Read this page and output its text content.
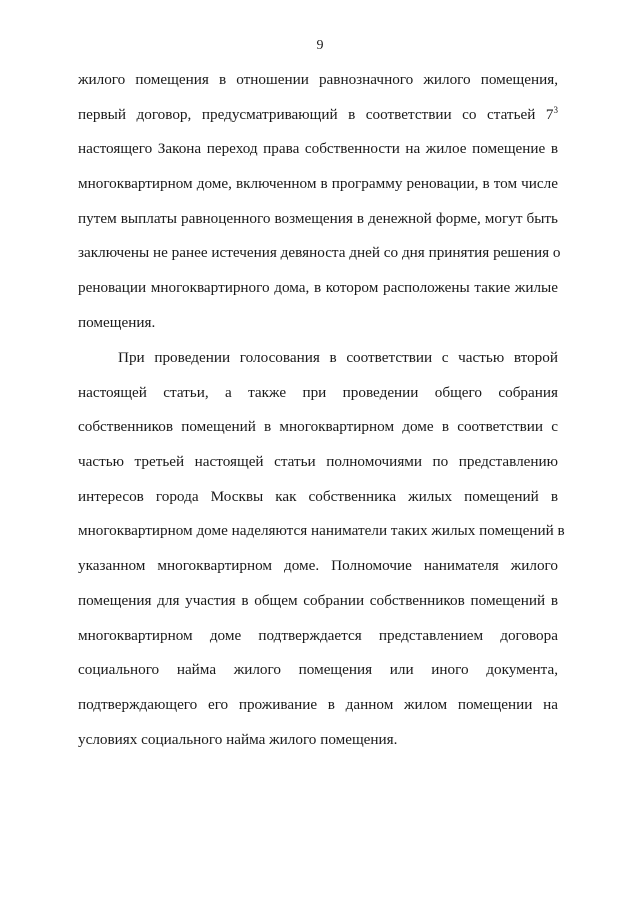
9
жилого помещения в отношении равнозначного жилого помещения,
первый договор, предусматривающий в соответствии со статьей $7^3$
настоящего Закона переход права собственности на жилое помещение в
многоквартирном доме, включенном в программу реновации, в том числе
путем выплаты равноценного возмещения в денежной форме, могут быть
заключены не ранее истечения девяноста дней со дня принятия решения о
реновации многоквартирного дома, в котором расположены такие жилые
помещения.
При проведении голосования в соответствии с частью второй
настоящей статьи, а также при проведении общего собрания
собственников помещений в многоквартирном доме в соответствии с
частью третьей настоящей статьи полномочиями по представлению
интересов города Москвы как собственника жилых помещений в
многоквартирном доме наделяются наниматели таких жилых помещений в
указанном многоквартирном доме. Полномочие нанимателя жилого
помещения для участия в общем собрании собственников помещений в
многоквартирном доме подтверждается представлением договора
социального найма жилого помещения или иного документа,
подтверждающего его проживание в данном жилом помещении на
условиях социального найма жилого помещения.
